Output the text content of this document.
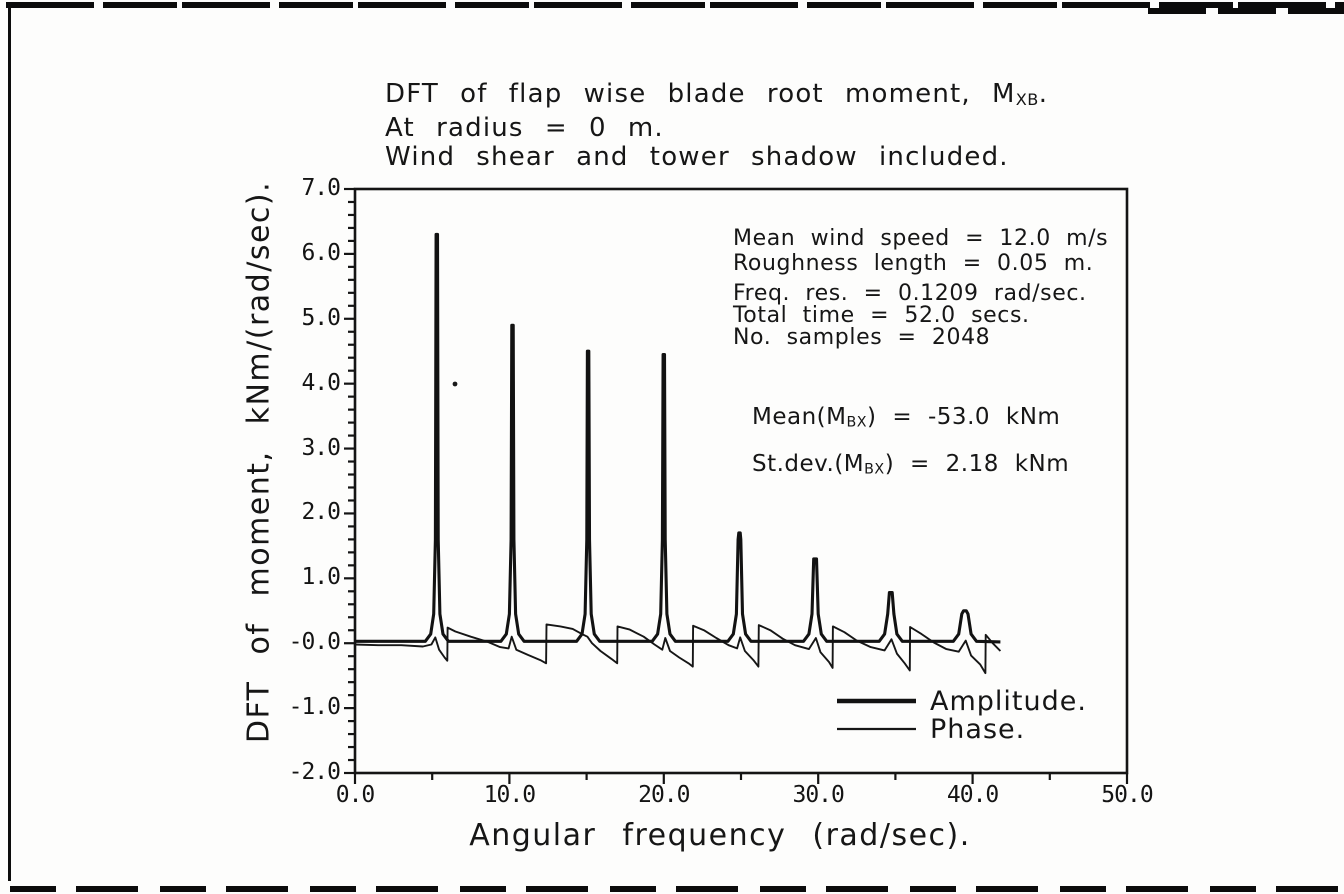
DFT of flap wise blade root moment, $M_{XB}$.
At radius = 0 m.
Wind shear and tower shadow included.
Mean wind speed = 12.0 m/s
Roughness length = 0.05 m.
Freq. res. = 0.1209 rad/sec.
Total time = 52.0 secs.
No. samples = 2048
$Mean(M_{BX}) = -53.0$ kNm
$St.dev.(M_{BX}) = 2.18$ kNm
Amplitude.
Phase.
Angular frequency (rad/sec).
DFT of moment, kNm/(rad/sec).	7.0
6.0
5.0
4.0
3.0
2.0
1.0
-0.0
-1.0
-2.0
0.0	10.0	20.0	30.0	40.0	50.0
